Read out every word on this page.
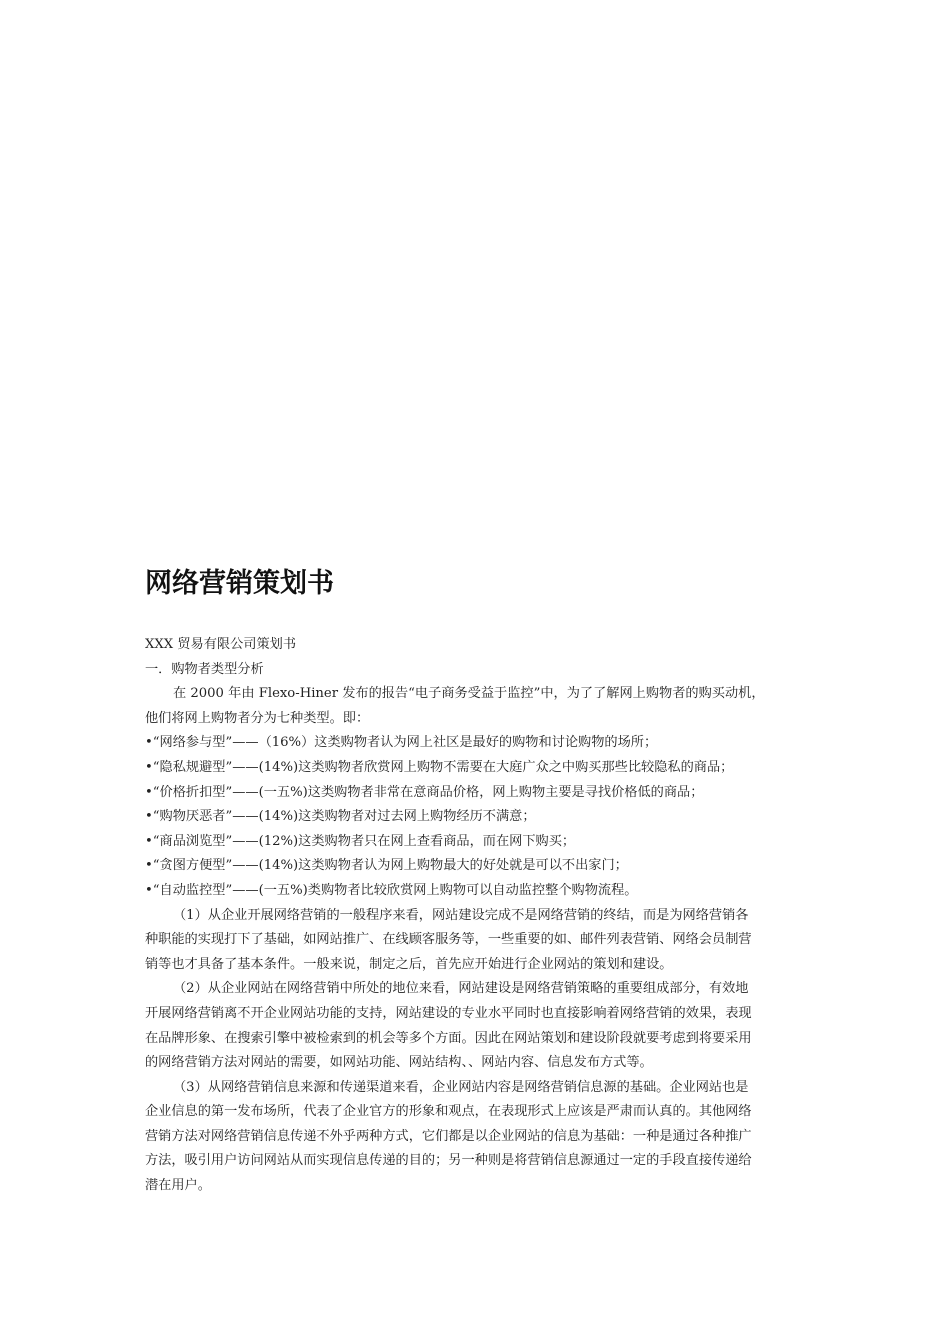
网络营销策划书

XXX 贸易有限公司策划书

一．购物者类型分析

在 2000 年由 Flexo-Hiner 发布的报告“电子商务受益于监控”中，为了了解网上购物者的购买动机，

他们将网上购物者分为七种类型。即：

•“网络参与型”——（16%）这类购物者认为网上社区是最好的购物和讨论购物的场所；

•“隐私规避型”——(14%)这类购物者欣赏网上购物不需要在大庭广众之中购买那些比较隐私的商品；

•“价格折扣型”——(一五%)这类购物者非常在意商品价格，网上购物主要是寻找价格低的商品；

•“购物厌恶者”——(14%)这类购物者对过去网上购物经历不满意；

•“商品浏览型”——(12%)这类购物者只在网上查看商品，而在网下购买；

•“贪图方便型”——(14%)这类购物者认为网上购物最大的好处就是可以不出家门；

•“自动监控型”——(一五%)类购物者比较欣赏网上购物可以自动监控整个购物流程。

（1）从企业开展网络营销的一般程序来看，网站建设完成不是网络营销的终结，而是为网络营销各

种职能的实现打下了基础，如网站推广、在线顾客服务等，一些重要的如、邮件列表营销、网络会员制营

销等也才具备了基本条件。一般来说，制定之后，首先应开始进行企业网站的策划和建设。

（2）从企业网站在网络营销中所处的地位来看，网站建设是网络营销策略的重要组成部分，有效地

开展网络营销离不开企业网站功能的支持，网站建设的专业水平同时也直接影响着网络营销的效果，表现

在品牌形象、在搜索引擎中被检索到的机会等多个方面。因此在网站策划和建设阶段就要考虑到将要采用

的网络营销方法对网站的需要，如网站功能、网站结构、、网站内容、信息发布方式等。

（3）从网络营销信息来源和传递渠道来看，企业网站内容是网络营销信息源的基础。企业网站也是

企业信息的第一发布场所，代表了企业官方的形象和观点，在表现形式上应该是严肃而认真的。其他网络

营销方法对网络营销信息传递不外乎两种方式，它们都是以企业网站的信息为基础：一种是通过各种推广

方法，吸引用户访问网站从而实现信息传递的目的；另一种则是将营销信息源通过一定的手段直接传递给

潜在用户。
